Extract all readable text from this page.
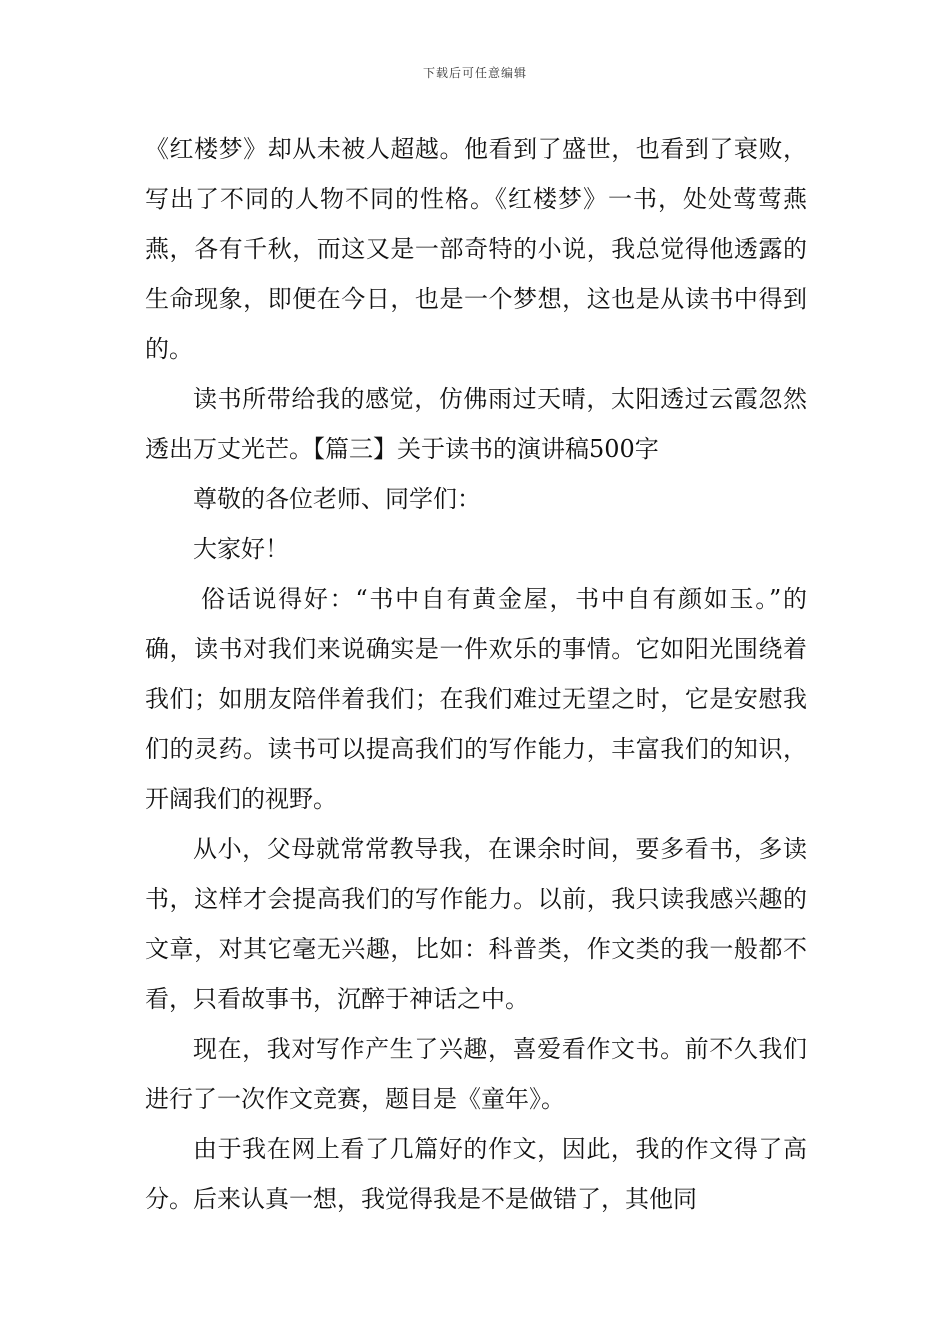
下载后可任意编辑

《红楼梦》却从未被人超越。他看到了盛世，也看到了衰败，写出了不同的人物不同的性格。《红楼梦》一书，处处莺莺燕燕，各有千秋，而这又是一部奇特的小说，我总觉得他透露的生命现象，即便在今日，也是一个梦想，这也是从读书中得到的。

读书所带给我的感觉，仿佛雨过天晴，太阳透过云霞忽然透出万丈光芒。【篇三】关于读书的演讲稿500字

尊敬的各位老师、同学们：

大家好！

俗话说得好：“书中自有黄金屋，书中自有颜如玉。”的确，读书对我们来说确实是一件欢乐的事情。它如阳光围绕着我们；如朋友陪伴着我们；在我们难过无望之时，它是安慰我们的灵药。读书可以提高我们的写作能力，丰富我们的知识，开阔我们的视野。

从小，父母就常常教导我，在课余时间，要多看书，多读书，这样才会提高我们的写作能力。以前，我只读我感兴趣的文章，对其它毫无兴趣，比如：科普类，作文类的我一般都不看，只看故事书，沉醉于神话之中。

现在，我对写作产生了兴趣，喜爱看作文书。前不久我们进行了一次作文竞赛，题目是《童年》。

由于我在网上看了几篇好的作文，因此，我的作文得了高分。后来认真一想，我觉得我是不是做错了，其他同
